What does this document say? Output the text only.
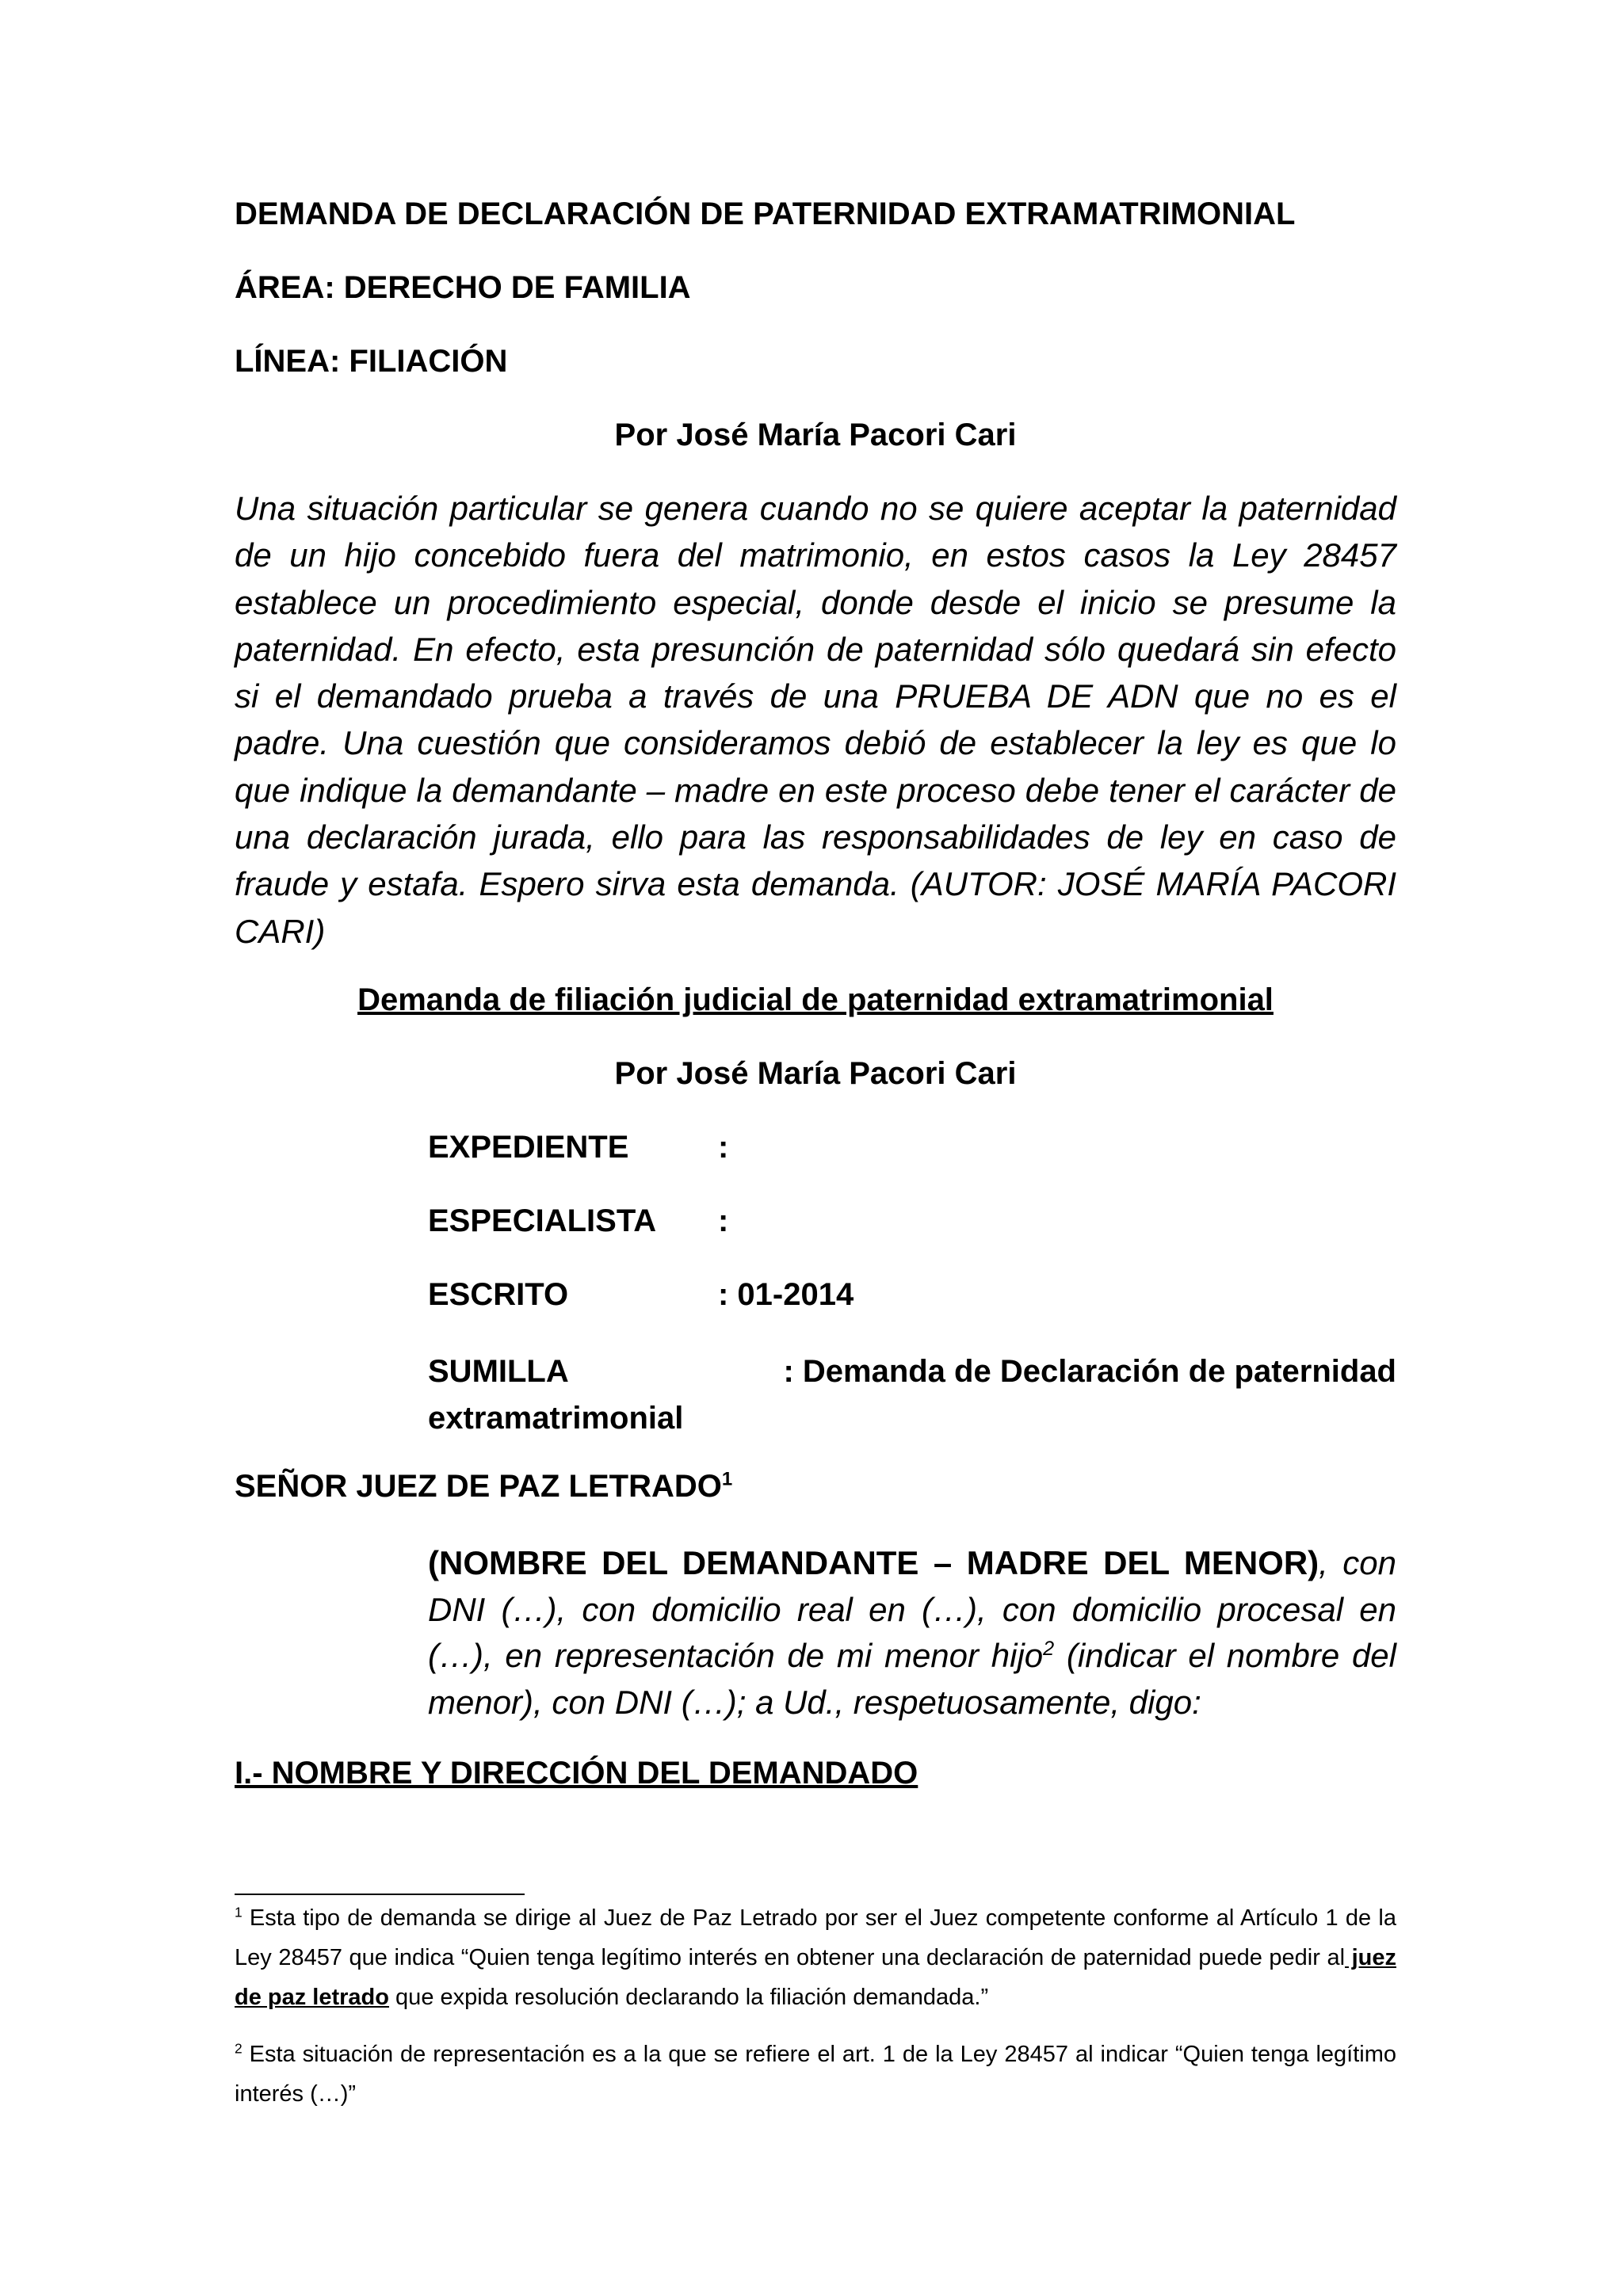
DEMANDA DE DECLARACIÓN DE PATERNIDAD EXTRAMATRIMONIAL
ÁREA: DERECHO DE FAMILIA
LÍNEA: FILIACIÓN
Por José María Pacori Cari
Una situación particular se genera cuando no se quiere aceptar la paternidad de un hijo concebido fuera del matrimonio, en estos casos la Ley 28457 establece un procedimiento especial, donde desde el inicio se presume la paternidad. En efecto, esta presunción de paternidad sólo quedará sin efecto si el demandado prueba a través de una PRUEBA DE ADN que no es el padre. Una cuestión que consideramos debió de establecer la ley es que lo que indique la demandante – madre en este proceso debe tener el carácter de una declaración jurada, ello para las responsabilidades de ley en caso de fraude y estafa. Espero sirva esta demanda. (AUTOR: JOSÉ MARÍA PACORI CARI)
Demanda de filiación judicial de paternidad extramatrimonial
Por José María Pacori Cari
EXPEDIENTE	:
ESPECIALISTA :
ESCRITO	: 01-2014
SUMILLA	: Demanda de Declaración de paternidad
extramatrimonial
SEÑOR JUEZ DE PAZ LETRADO$^1$
(NOMBRE DEL DEMANDANTE – MADRE DEL MENOR), con DNI (…), con domicilio real en (…), con domicilio procesal en (…), en representación de mi menor hijo$^2$ (indicar el nombre del menor), con DNI (…); a Ud., respetuosamente, digo:
I.- NOMBRE Y DIRECCIÓN DEL DEMANDADO
$^1$ Esta tipo de demanda se dirige al Juez de Paz Letrado por ser el Juez competente conforme al Artículo 1 de la Ley 28457 que indica “Quien tenga legítimo interés en obtener una declaración de paternidad puede pedir al juez de paz letrado que expida resolución declarando la filiación demandada.”
$^2$ Esta situación de representación es a la que se refiere el art. 1 de la Ley 28457 al indicar “Quien tenga legítimo interés (…)”
